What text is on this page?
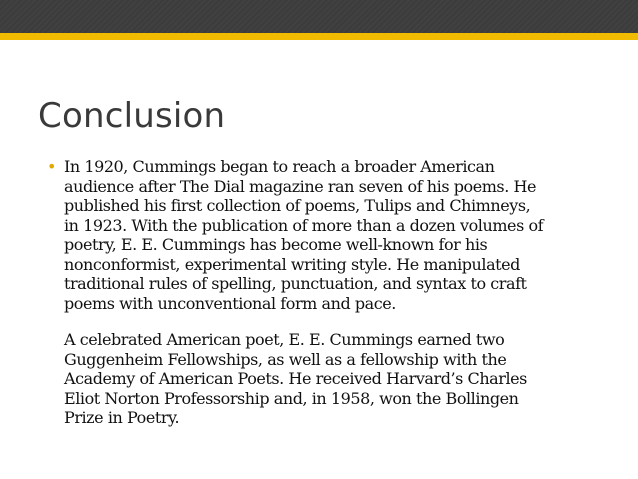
Conclusion
• In 1920, Cummings began to reach a broader American
audience after The Dial magazine ran seven of his poems. He
published his first collection of poems, Tulips and Chimneys,
in 1923. With the publication of more than a dozen volumes of
poetry, E. E. Cummings has become well-known for his
nonconformist, experimental writing style. He manipulated
traditional rules of spelling, punctuation, and syntax to craft
poems with unconventional form and pace.

A celebrated American poet, E. E. Cummings earned two
Guggenheim Fellowships, as well as a fellowship with the
Academy of American Poets. He received Harvard’s Charles
Eliot Norton Professorship and, in 1958, won the Bollingen
Prize in Poetry.
